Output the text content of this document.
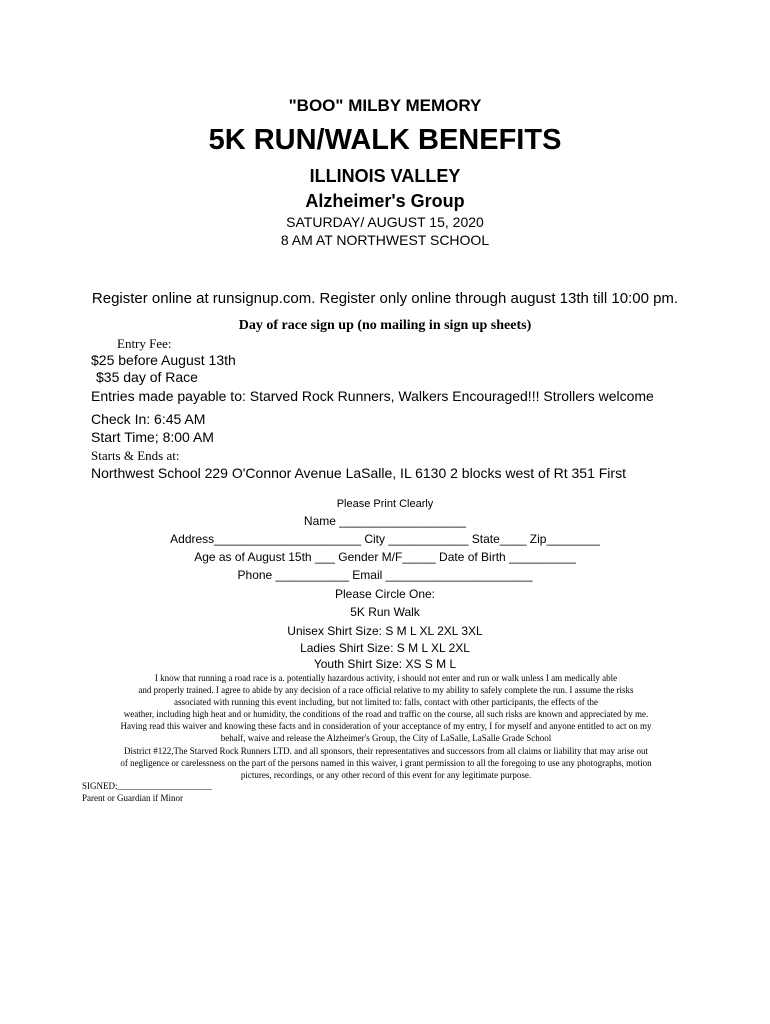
"BOO" MILBY MEMORY
5K RUN/WALK BENEFITS
ILLINOIS VALLEY
Alzheimer's Group
SATURDAY/ AUGUST 15, 2020
8 AM AT NORTHWEST SCHOOL
Register online at runsignup.com. Register only online through august 13th till 10:00 pm.
Day of race sign up (no mailing in sign up sheets)
Entry Fee:
$25 before August 13th
$35 day of Race
Entries made payable to: Starved Rock Runners, Walkers Encouraged!!! Strollers welcome
Check In: 6:45 AM
Start Time; 8:00 AM
Starts & Ends at:
Northwest School 229 O'Connor Avenue LaSalle, IL 6130 2 blocks west of Rt 351 First
Please Print Clearly
Name ___________________
Address______________________ City ____________ State____ Zip________
Age as of August 15th ___ Gender M/F_____ Date of Birth __________
Phone ___________ Email ______________________
Please Circle One:
5K Run Walk
Unisex Shirt Size: S M L XL 2XL 3XL
Ladies Shirt Size: S M L XL 2XL
Youth Shirt Size: XS S M L
I know that running a road race is a. potentially hazardous activity, i should not enter and run or walk unless I am medically able
and properly trained. I agree to abide by any decision of a race official relative to my ability to safely complete the run. I assume the risks
associated with running this event including, but not limited to: falls, contact with other participants, the effects of the
weather, including high heat and or humidity, the conditions of the road and traffic on the course, all such risks are known and appreciated by me.
Having read this waiver and knowing these facts and in consideration of your acceptance of my entry, I for myself and anyone entitled to act on my
behalf, waive and release the Alzheimer's Group, the City of LaSalle, LaSalle Grade School
District #122,The Starved Rock Runners LTD. and all sponsors, their representatives and successors from all claims or liability that may arise out
of negligence or carelessness on the part of the persons named in this waiver, i grant permission to all the foregoing to use any photographs, motion
pictures, recordings, or any other record of this event for any legitimate purpose.
SIGNED:_____________________
Parent or Guardian if Minor
